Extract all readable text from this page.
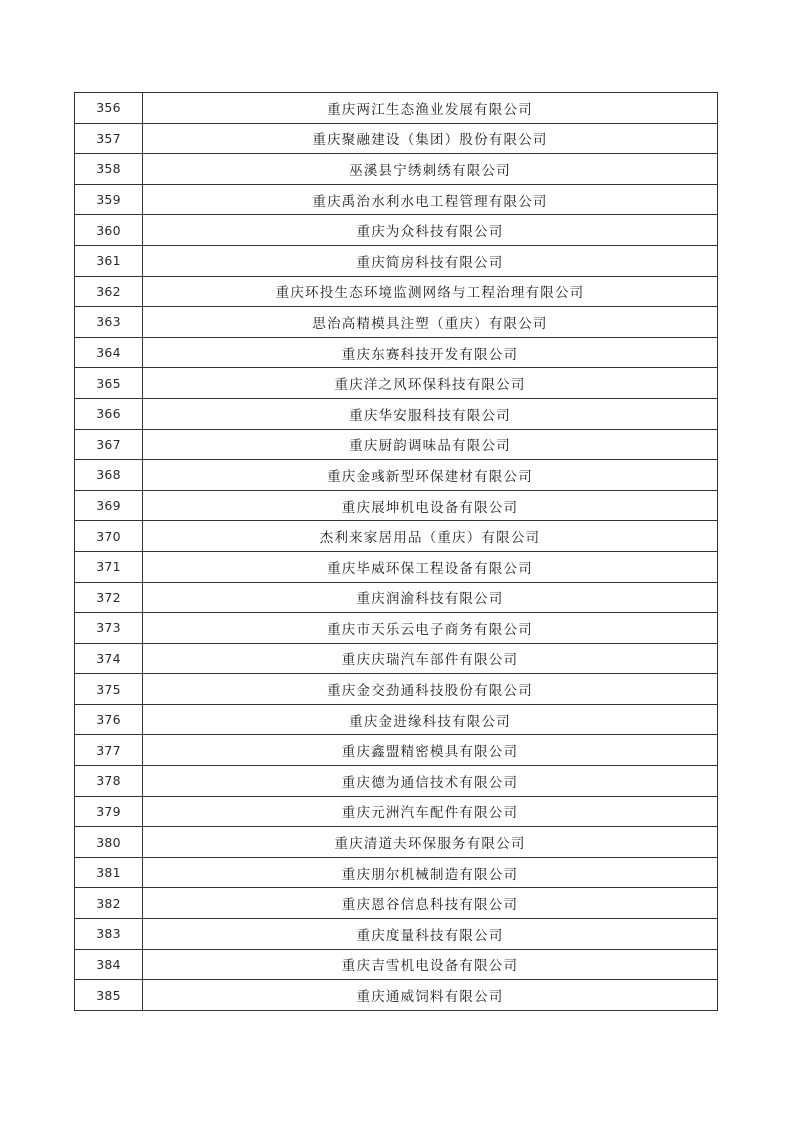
356	重庆两江生态渔业发展有限公司
357	重庆聚融建设（集团）股份有限公司
358	巫溪县宁绣刺绣有限公司
359	重庆禹治水利水电工程管理有限公司
360	重庆为众科技有限公司
361	重庆简房科技有限公司
362	重庆环投生态环境监测网络与工程治理有限公司
363	思治高精模具注塑（重庆）有限公司
364	重庆东赛科技开发有限公司
365	重庆洋之风环保科技有限公司
366	重庆华安服科技有限公司
367	重庆厨韵调味品有限公司
368	重庆金彧新型环保建材有限公司
369	重庆展坤机电设备有限公司
370	杰利来家居用品（重庆）有限公司
371	重庆毕威环保工程设备有限公司
372	重庆润渝科技有限公司
373	重庆市天乐云电子商务有限公司
374	重庆庆瑞汽车部件有限公司
375	重庆金交劲通科技股份有限公司
376	重庆金进缘科技有限公司
377	重庆鑫盟精密模具有限公司
378	重庆德为通信技术有限公司
379	重庆元洲汽车配件有限公司
380	重庆清道夫环保服务有限公司
381	重庆朋尔机械制造有限公司
382	重庆恩谷信息科技有限公司
383	重庆度量科技有限公司
384	重庆吉雪机电设备有限公司
385	重庆通威饲料有限公司
